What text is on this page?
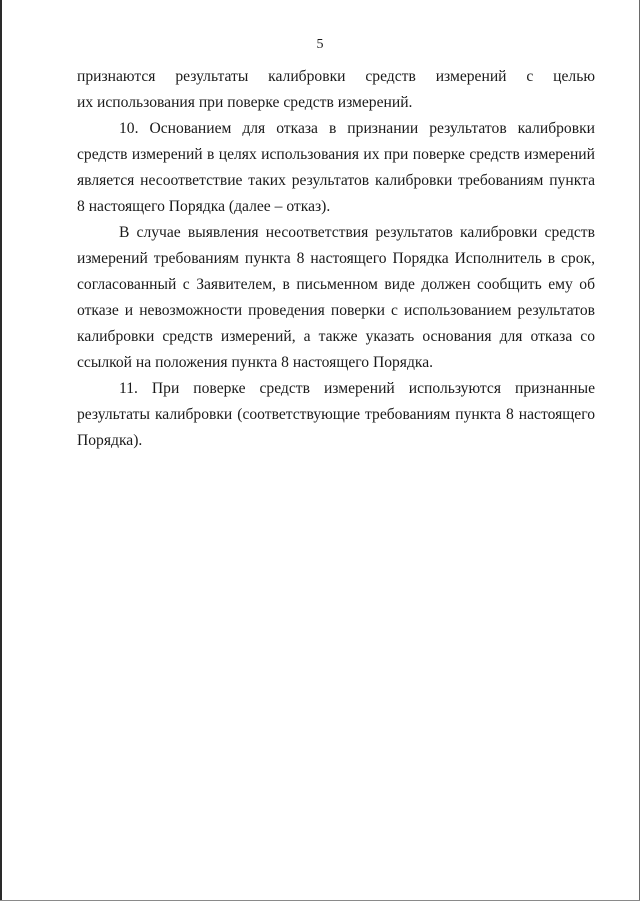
5
признаются результаты калибровки средств измерений с целью
их использования при поверке средств измерений.

10. Основанием для отказа в признании результатов калибровки средств измерений в целях использования их при поверке средств измерений является несоответствие таких результатов калибровки требованиям пункта 8 настоящего Порядка (далее – отказ).

В случае выявления несоответствия результатов калибровки средств измерений требованиям пункта 8 настоящего Порядка Исполнитель в срок, согласованный с Заявителем, в письменном виде должен сообщить ему об отказе и невозможности проведения поверки с использованием результатов калибровки средств измерений, а также указать основания для отказа со ссылкой на положения пункта 8 настоящего Порядка.

11. При поверке средств измерений используются признанные результаты калибровки (соответствующие требованиям пункта 8 настоящего Порядка).
